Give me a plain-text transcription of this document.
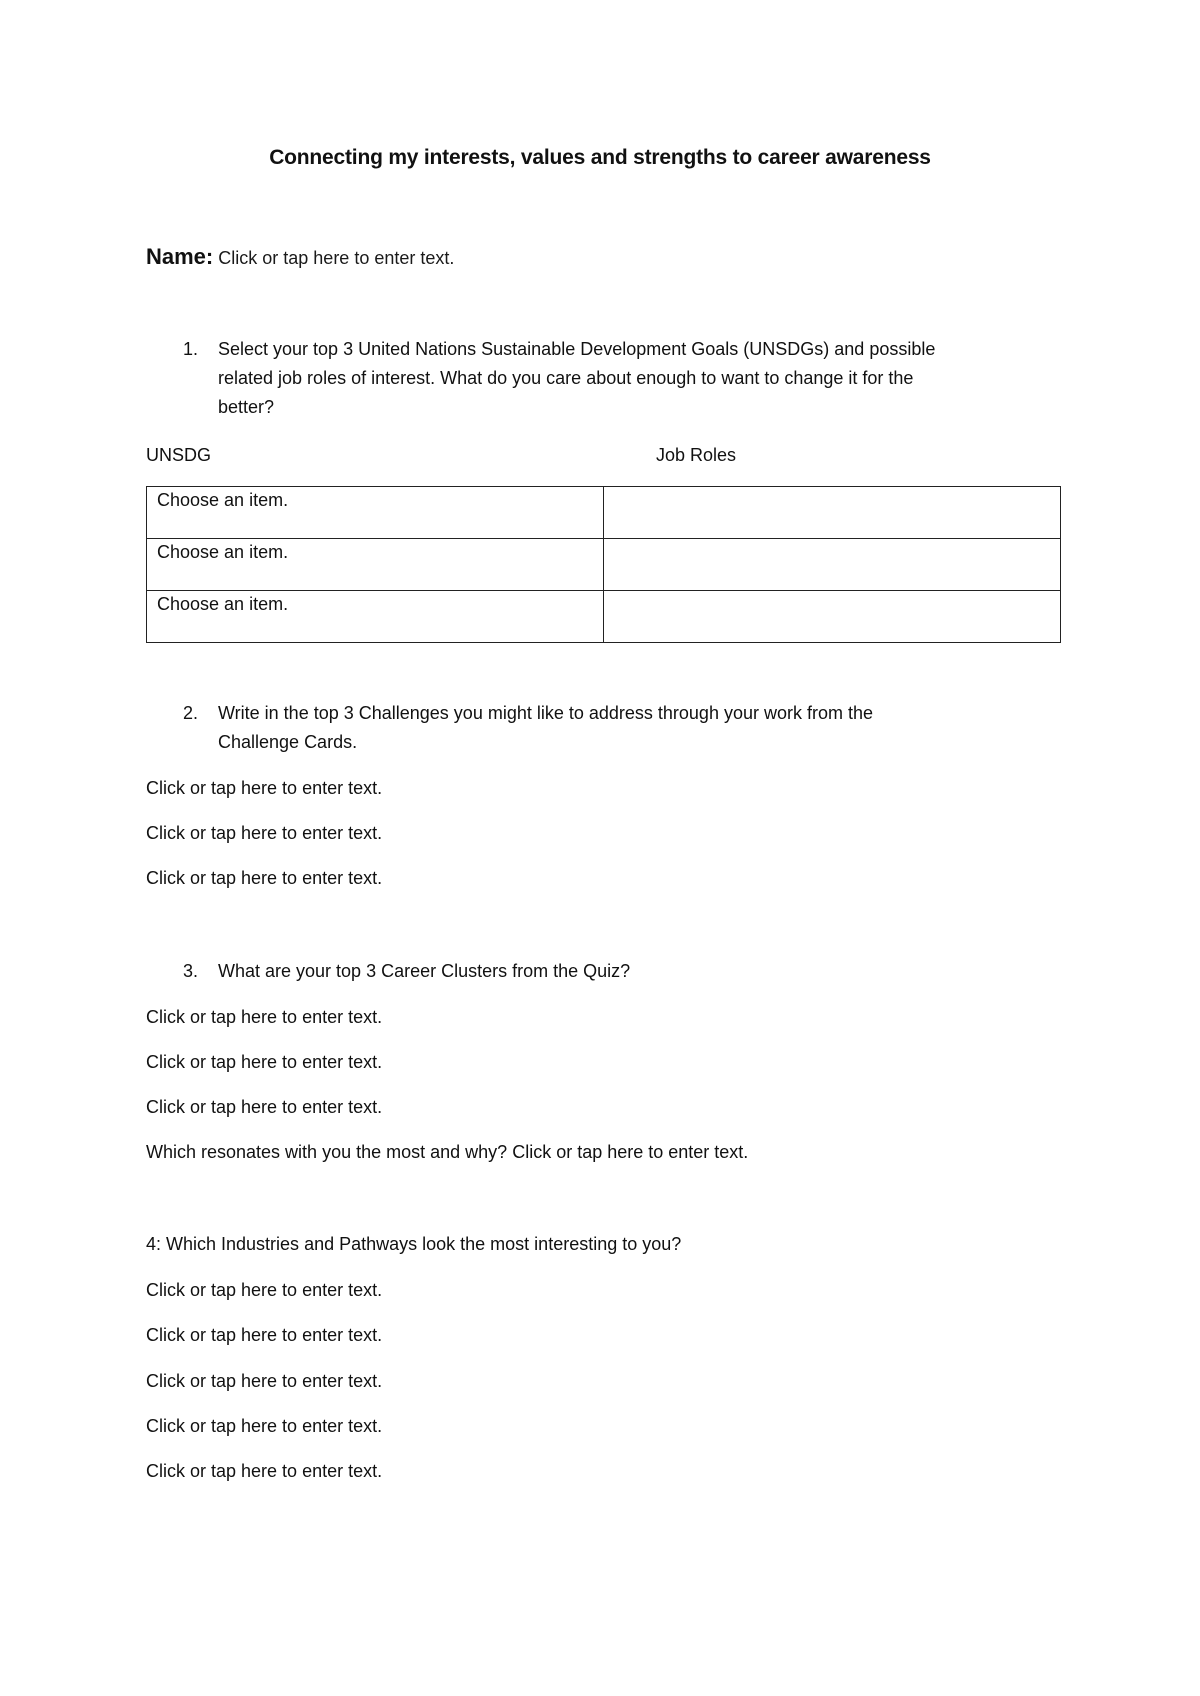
Connecting my interests, values and strengths to career awareness
Name: Click or tap here to enter text.
1. Select your top 3 United Nations Sustainable Development Goals (UNSDGs) and possible
related job roles of interest. What do you care about enough to want to change it for the
better?
UNSDG	Job Roles
Choose an item.	
Choose an item.	
Choose an item.	
2. Write in the top 3 Challenges you might like to address through your work from the
Challenge Cards.
Click or tap here to enter text.
Click or tap here to enter text.
Click or tap here to enter text.
3. What are your top 3 Career Clusters from the Quiz?
Click or tap here to enter text.
Click or tap here to enter text.
Click or tap here to enter text.
Which resonates with you the most and why? Click or tap here to enter text.
4: Which Industries and Pathways look the most interesting to you?
Click or tap here to enter text.
Click or tap here to enter text.
Click or tap here to enter text.
Click or tap here to enter text.
Click or tap here to enter text.
